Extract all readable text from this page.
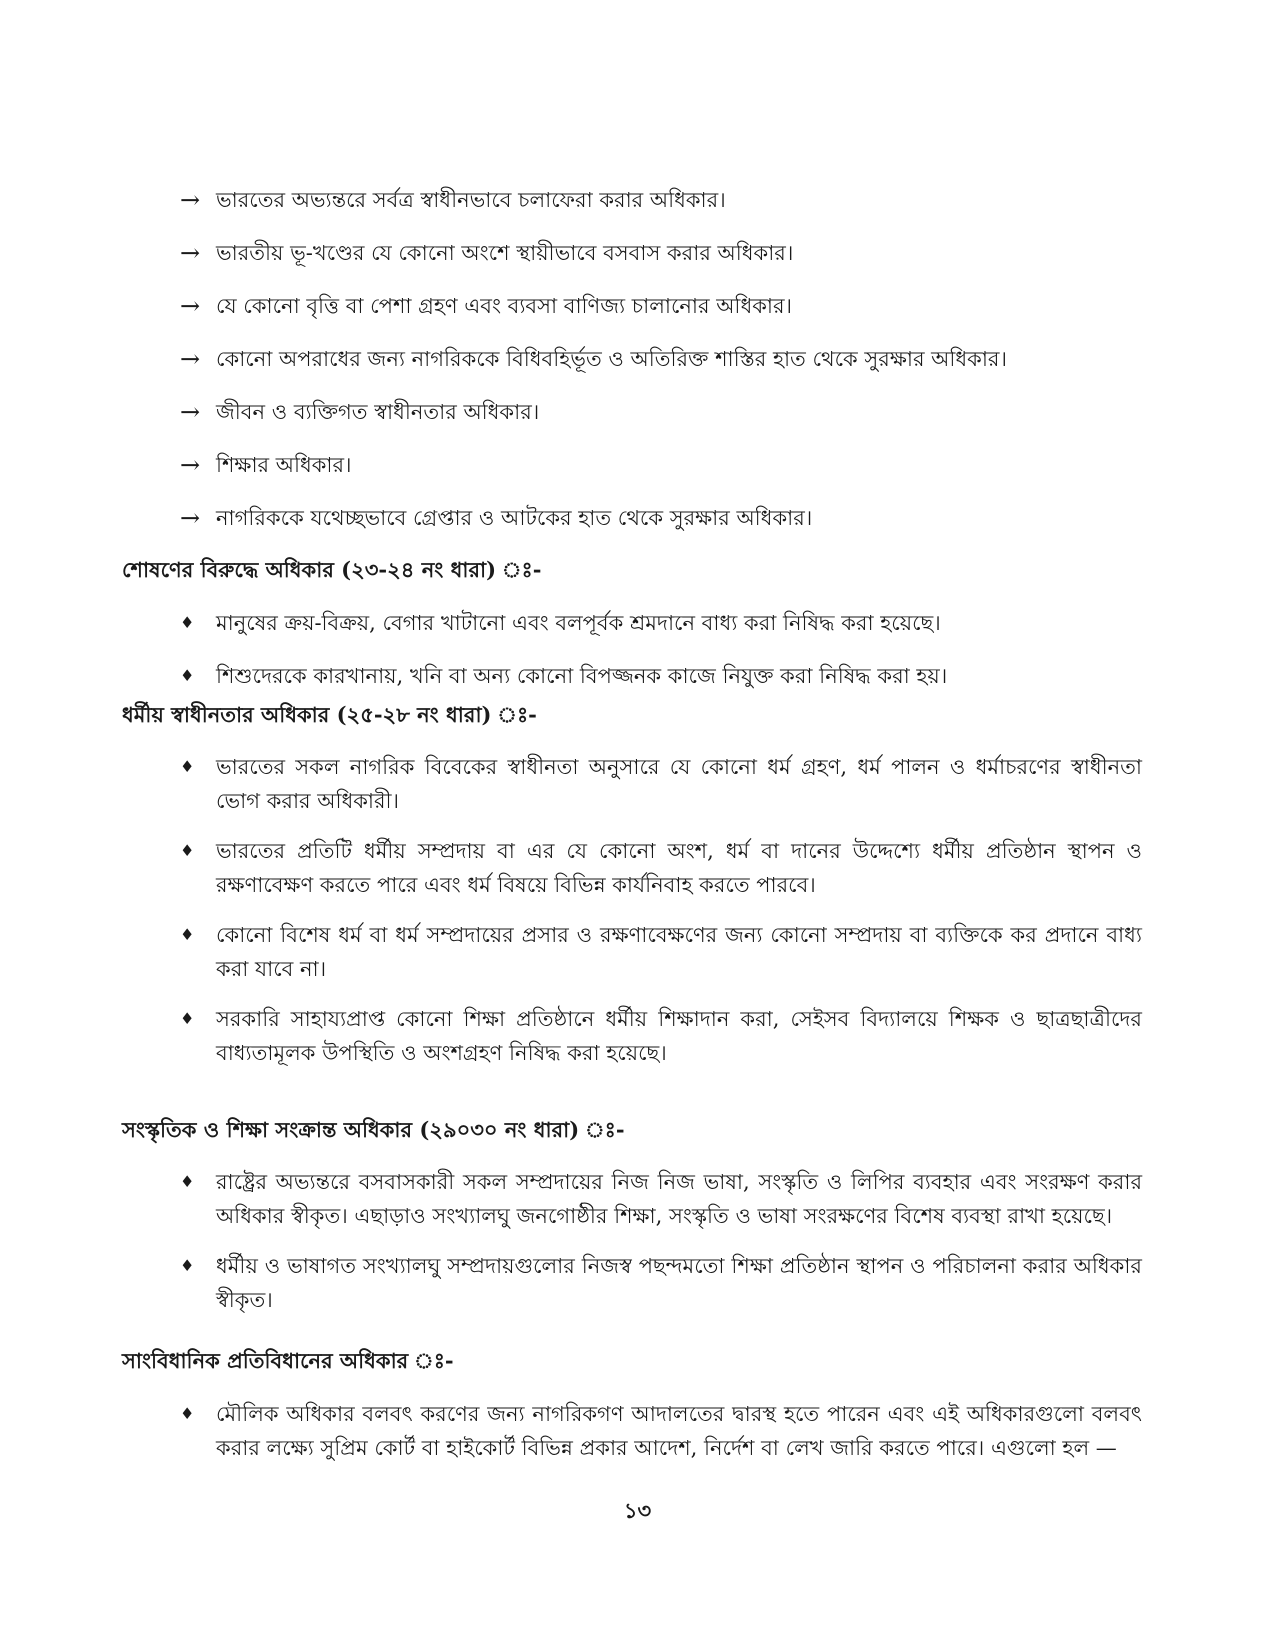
→ ভারতের অভ্যন্তরে সর্বত্র স্বাধীনভাবে চলাফেরা করার অধিকার।
→ ভারতীয় ভূ-খণ্ডের যে কোনো অংশে স্থায়ীভাবে বসবাস করার অধিকার।
→ যে কোনো বৃত্তি বা পেশা গ্রহণ এবং ব্যবসা বাণিজ্য চালানোর অধিকার।
→ কোনো অপরাধের জন্য নাগরিককে বিধিবহির্ভূত ও অতিরিক্ত শাস্তির হাত থেকে সুরক্ষার অধিকার।
→ জীবন ও ব্যক্তিগত স্বাধীনতার অধিকার।
→ শিক্ষার অধিকার।
→ নাগরিককে যথেচ্ছভাবে গ্রেপ্তার ও আটকের হাত থেকে সুরক্ষার অধিকার।

শোষণের বিরুদ্ধে অধিকার (২৩-২৪ নং ধারা) ঃ-

♦	মানুষের ক্রয়-বিক্রয়, বেগার খাটানো এবং বলপূর্বক শ্রমদানে বাধ্য করা নিষিদ্ধ করা হয়েছে।
♦	শিশুদেরকে কারখানায়, খনি বা অন্য কোনো বিপজ্জনক কাজে নিযুক্ত করা নিষিদ্ধ করা হয়।

ধর্মীয় স্বাধীনতার অধিকার (২৫-২৮ নং ধারা) ঃ-

♦	ভারতের সকল নাগরিক বিবেকের স্বাধীনতা অনুসারে যে কোনো ধর্ম গ্রহণ, ধর্ম পালন ও ধর্মাচরণের স্বাধীনতা ভোগ করার অধিকারী।
♦	ভারতের প্রতিটি ধর্মীয় সম্প্রদায় বা এর যে কোনো অংশ, ধর্ম বা দানের উদ্দেশ্যে ধর্মীয় প্রতিষ্ঠান স্থাপন ও রক্ষণাবেক্ষণ করতে পারে এবং ধর্ম বিষয়ে বিভিন্ন কার্যনিবাহ করতে পারবে।
♦	কোনো বিশেষ ধর্ম বা ধর্ম সম্প্রদায়ের প্রসার ও রক্ষণাবেক্ষণের জন্য কোনো সম্প্রদায় বা ব্যক্তিকে কর প্রদানে বাধ্য করা যাবে না।
♦	সরকারি সাহায্যপ্রাপ্ত কোনো শিক্ষা প্রতিষ্ঠানে ধর্মীয় শিক্ষাদান করা, সেইসব বিদ্যালয়ে শিক্ষক ও ছাত্রছাত্রীদের বাধ্যতামূলক উপস্থিতি ও অংশগ্রহণ নিষিদ্ধ করা হয়েছে।

সংস্কৃতিক ও শিক্ষা সংক্রান্ত অধিকার (২৯০৩০ নং ধারা) ঃ-

♦	রাষ্ট্রের অভ্যন্তরে বসবাসকারী সকল সম্প্রদায়ের নিজ নিজ ভাষা, সংস্কৃতি ও লিপির ব্যবহার এবং সংরক্ষণ করার অধিকার স্বীকৃত। এছাড়াও সংখ্যালঘু জনগোষ্ঠীর শিক্ষা, সংস্কৃতি ও ভাষা সংরক্ষণের বিশেষ ব্যবস্থা রাখা হয়েছে।
♦	ধর্মীয় ও ভাষাগত সংখ্যালঘু সম্প্রদায়গুলোর নিজস্ব পছন্দমতো শিক্ষা প্রতিষ্ঠান স্থাপন ও পরিচালনা করার অধিকার স্বীকৃত।

সাংবিধানিক প্রতিবিধানের অধিকার ঃ-

♦	মৌলিক অধিকার বলবৎ করণের জন্য নাগরিকগণ আদালতের দ্বারস্থ হতে পারেন এবং এই অধিকারগুলো বলবৎ করার লক্ষ্যে সুপ্রিম কোর্ট বা হাইকোর্ট বিভিন্ন প্রকার আদেশ, নির্দেশ বা লেখ জারি করতে পারে। এগুলো হল —
১৩
